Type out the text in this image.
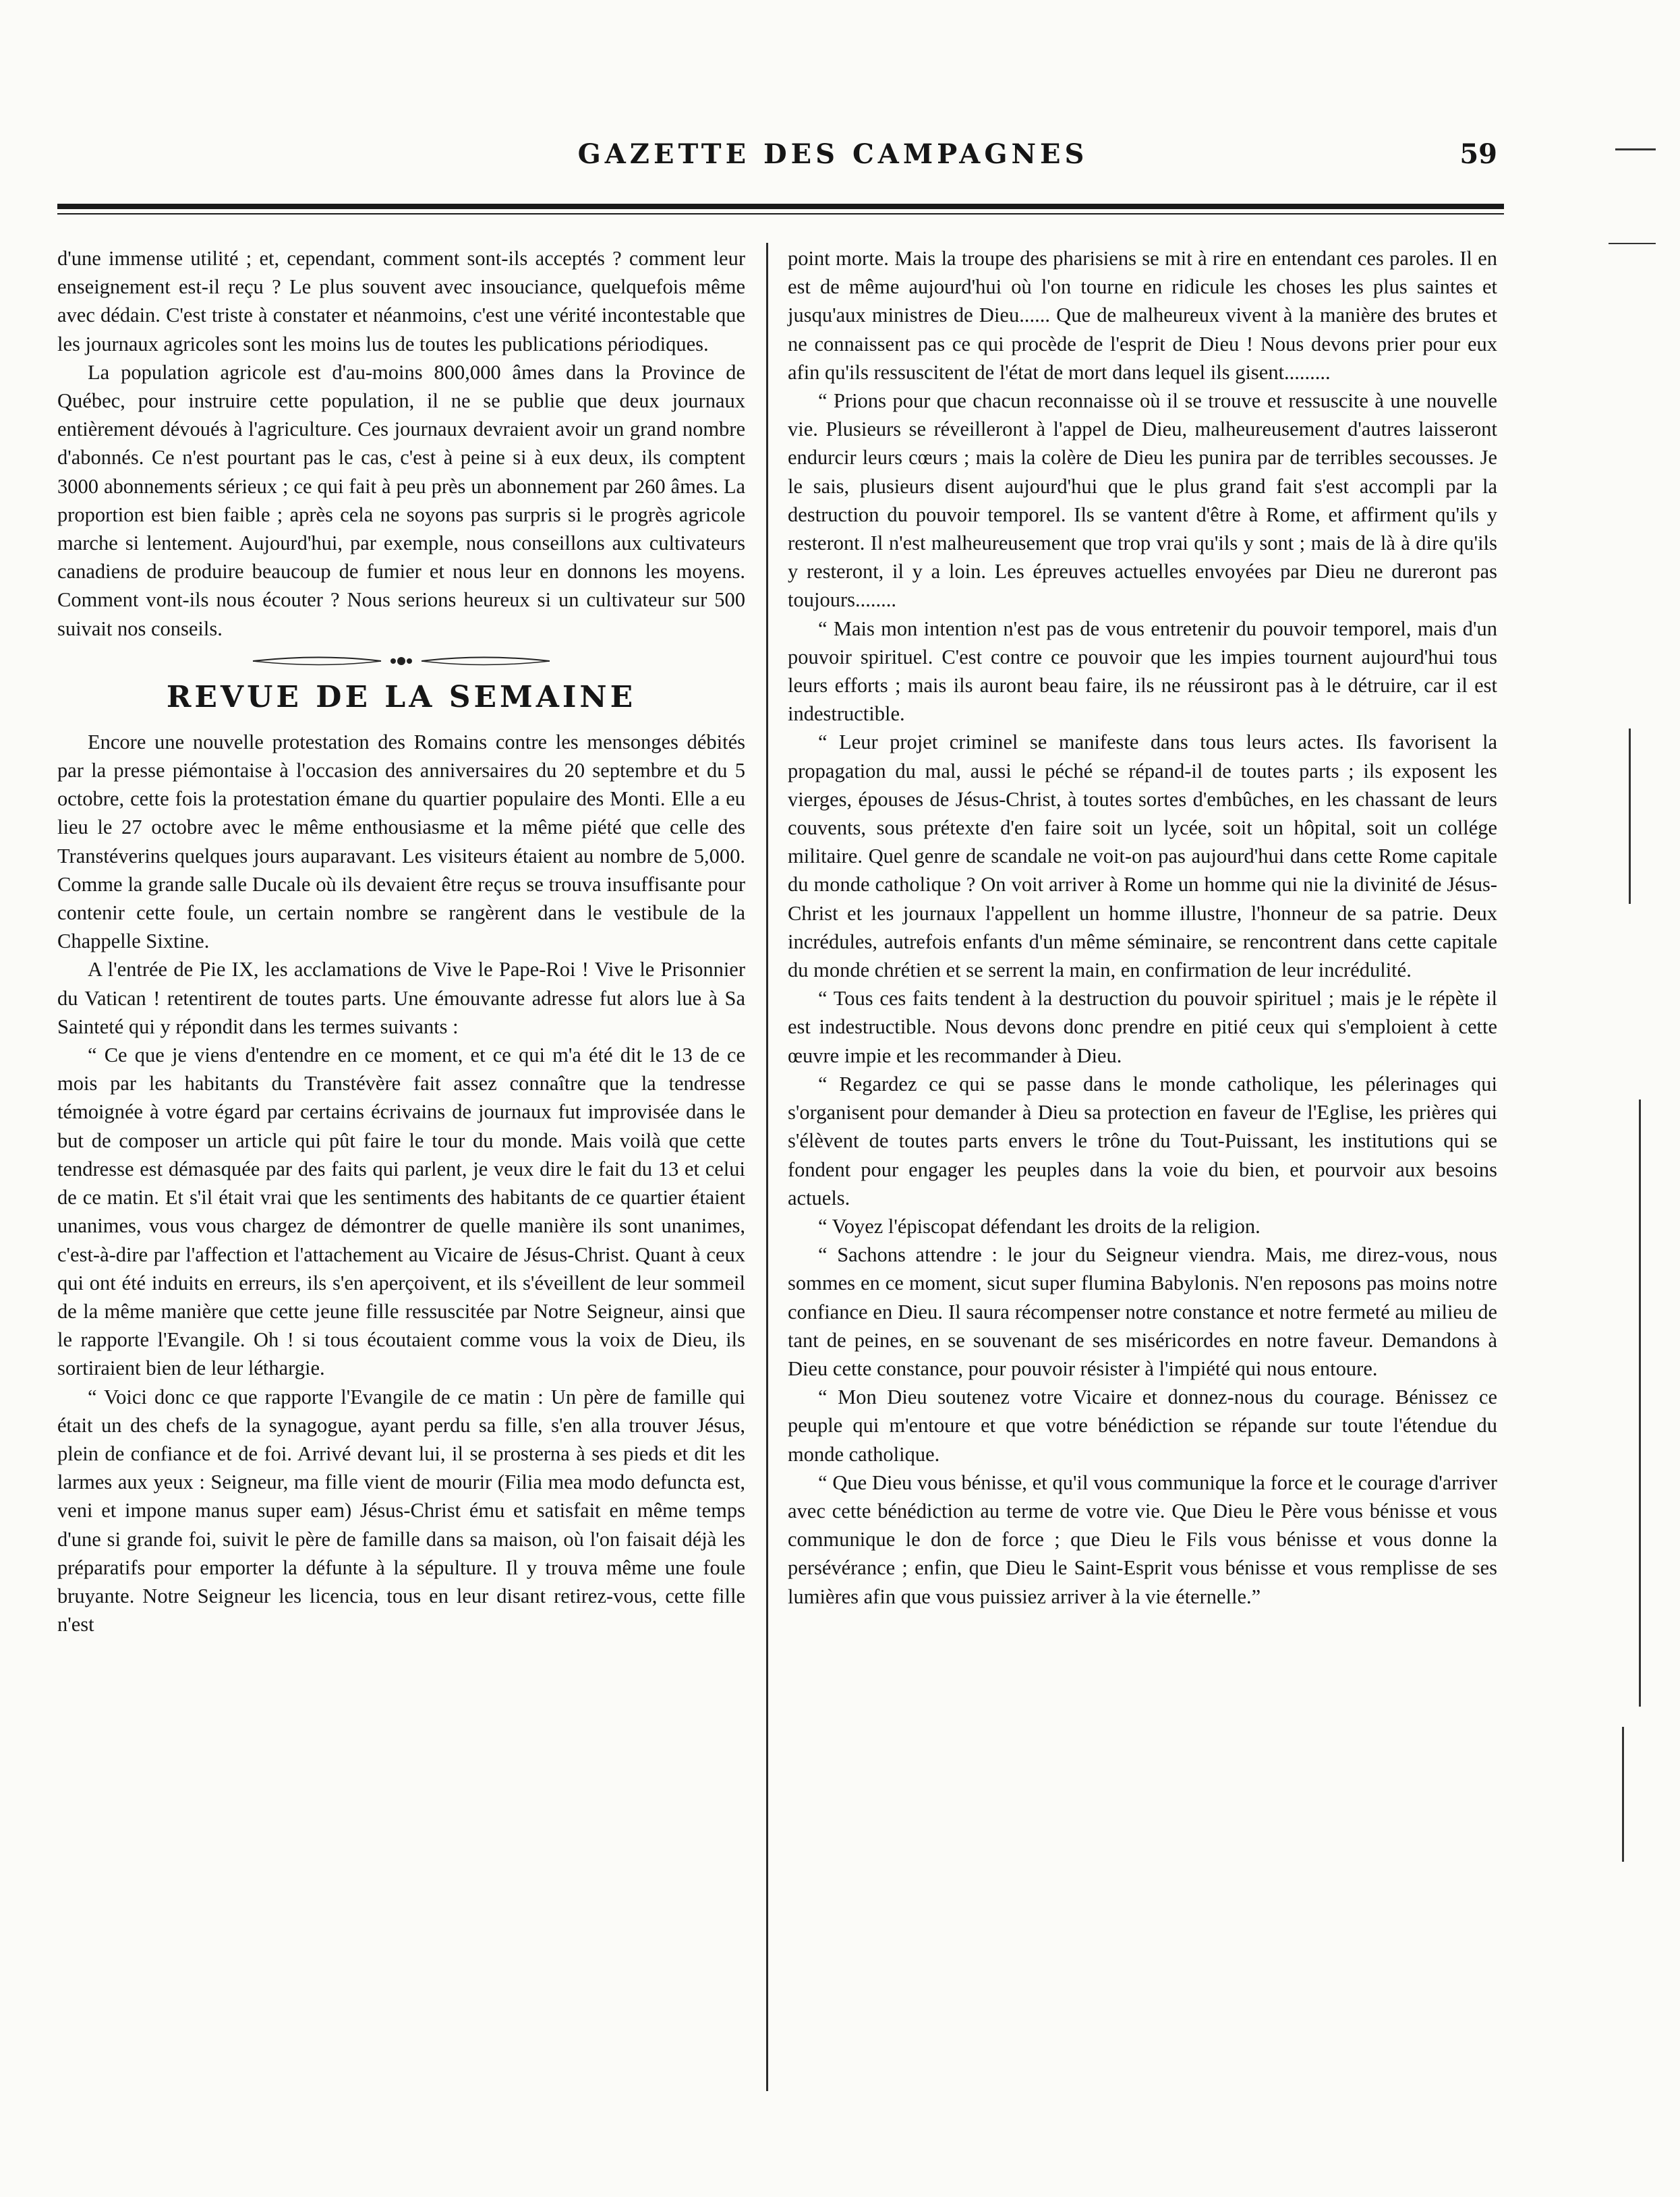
GAZETTE DES CAMPAGNES	59

d'une immense utilité ; et, cependant, comment sont-ils acceptés ? comment leur enseignement est-il reçu ? Le plus souvent avec insouciance, quelquefois même avec dédain. C'est triste à constater et néanmoins, c'est une vérité incontestable que les journaux agricoles sont les moins lus de toutes les publications périodiques.

La population agricole est d'au-moins 800,000 âmes dans la Province de Québec, pour instruire cette population, il ne se publie que deux journaux entièrement dévoués à l'agriculture. Ces journaux devraient avoir un grand nombre d'abonnés. Ce n'est pourtant pas le cas, c'est à peine si à eux deux, ils comptent 3000 abonnements sérieux ; ce qui fait à peu près un abonnement par 260 âmes. La proportion est bien faible ; après cela ne soyons pas surpris si le progrès agricole marche si lentement. Aujourd'hui, par exemple, nous conseillons aux cultivateurs canadiens de produire beaucoup de fumier et nous leur en donnons les moyens. Comment vont-ils nous écouter ? Nous serions heureux si un cultivateur sur 500 suivait nos conseils.

REVUE DE LA SEMAINE

Encore une nouvelle protestation des Romains contre les mensonges débités par la presse piémontaise à l'occasion des anniversaires du 20 septembre et du 5 octobre, cette fois la protestation émane du quartier populaire des Monti. Elle a eu lieu le 27 octobre avec le même enthousiasme et la même piété que celle des Transtéverins quelques jours auparavant. Les visiteurs étaient au nombre de 5,000. Comme la grande salle Ducale où ils devaient être reçus se trouva insuffisante pour contenir cette foule, un certain nombre se rangèrent dans le vestibule de la Chappelle Sixtine.

A l'entrée de Pie IX, les acclamations de Vive le Pape-Roi ! Vive le Prisonnier du Vatican ! retentirent de toutes parts. Une émouvante adresse fut alors lue à Sa Sainteté qui y répondit dans les termes suivants :

“ Ce que je viens d'entendre en ce moment, et ce qui m'a été dit le 13 de ce mois par les habitants du Transtévère fait assez connaître que la tendresse témoignée à votre égard par certains écrivains de journaux fut improvisée dans le but de composer un article qui pût faire le tour du monde. Mais voilà que cette tendresse est démasquée par des faits qui parlent, je veux dire le fait du 13 et celui de ce matin. Et s'il était vrai que les sentiments des habitants de ce quartier étaient unanimes, vous vous chargez de démontrer de quelle manière ils sont unanimes, c'est-à-dire par l'affection et l'attachement au Vicaire de Jésus-Christ. Quant à ceux qui ont été induits en erreurs, ils s'en aperçoivent, et ils s'éveillent de leur sommeil de la même manière que cette jeune fille ressuscitée par Notre Seigneur, ainsi que le rapporte l'Evangile. Oh ! si tous écoutaient comme vous la voix de Dieu, ils sortiraient bien de leur léthargie.

“ Voici donc ce que rapporte l'Evangile de ce matin : Un père de famille qui était un des chefs de la synagogue, ayant perdu sa fille, s'en alla trouver Jésus, plein de confiance et de foi. Arrivé devant lui, il se prosterna à ses pieds et dit les larmes aux yeux : Seigneur, ma fille vient de mourir (Filia mea modo defuncta est, veni et impone manus super eam) Jésus-Christ ému et satisfait en même temps d'une si grande foi, suivit le père de famille dans sa maison, où l'on faisait déjà les préparatifs pour emporter la défunte à la sépulture. Il y trouva même une foule bruyante. Notre Seigneur les licencia, tous en leur disant retirez-vous, cette fille n'est

point morte. Mais la troupe des pharisiens se mit à rire en entendant ces paroles. Il en est de même aujourd'hui où l'on tourne en ridicule les choses les plus saintes et jusqu'aux ministres de Dieu...... Que de malheureux vivent à la manière des brutes et ne connaissent pas ce qui procède de l'esprit de Dieu ! Nous devons prier pour eux afin qu'ils ressuscitent de l'état de mort dans lequel ils gisent.........

“ Prions pour que chacun reconnaisse où il se trouve et ressuscite à une nouvelle vie. Plusieurs se réveilleront à l'appel de Dieu, malheureusement d'autres laisseront endurcir leurs cœurs ; mais la colère de Dieu les punira par de terribles secousses. Je le sais, plusieurs disent aujourd'hui que le plus grand fait s'est accompli par la destruction du pouvoir temporel. Ils se vantent d'être à Rome, et affirment qu'ils y resteront. Il n'est malheureusement que trop vrai qu'ils y sont ; mais de là à dire qu'ils y resteront, il y a loin. Les épreuves actuelles envoyées par Dieu ne dureront pas toujours........

“ Mais mon intention n'est pas de vous entretenir du pouvoir temporel, mais d'un pouvoir spirituel. C'est contre ce pouvoir que les impies tournent aujourd'hui tous leurs efforts ; mais ils auront beau faire, ils ne réussiront pas à le détruire, car il est indestructible.

“ Leur projet criminel se manifeste dans tous leurs actes. Ils favorisent la propagation du mal, aussi le péché se répand-il de toutes parts ; ils exposent les vierges, épouses de Jésus-Christ, à toutes sortes d'embûches, en les chassant de leurs couvents, sous prétexte d'en faire soit un lycée, soit un hôpital, soit un collége militaire. Quel genre de scandale ne voit-on pas aujourd'hui dans cette Rome capitale du monde catholique ? On voit arriver à Rome un homme qui nie la divinité de Jésus-Christ et les journaux l'appellent un homme illustre, l'honneur de sa patrie. Deux incrédules, autrefois enfants d'un même séminaire, se rencontrent dans cette capitale du monde chrétien et se serrent la main, en confirmation de leur incrédulité.

“ Tous ces faits tendent à la destruction du pouvoir spirituel ; mais je le répète il est indestructible. Nous devons donc prendre en pitié ceux qui s'emploient à cette œuvre impie et les recommander à Dieu.

“ Regardez ce qui se passe dans le monde catholique, les pélerinages qui s'organisent pour demander à Dieu sa protection en faveur de l'Eglise, les prières qui s'élèvent de toutes parts envers le trône du Tout-Puissant, les institutions qui se fondent pour engager les peuples dans la voie du bien, et pourvoir aux besoins actuels.

“ Voyez l'épiscopat défendant les droits de la religion.

“ Sachons attendre : le jour du Seigneur viendra. Mais, me direz-vous, nous sommes en ce moment, sicut super flumina Babylonis. N'en reposons pas moins notre confiance en Dieu. Il saura récompenser notre constance et notre fermeté au milieu de tant de peines, en se souvenant de ses miséricordes en notre faveur. Demandons à Dieu cette constance, pour pouvoir résister à l'impiété qui nous entoure.

“ Mon Dieu soutenez votre Vicaire et donnez-nous du courage. Bénissez ce peuple qui m'entoure et que votre bénédiction se répande sur toute l'étendue du monde catholique.

“ Que Dieu vous bénisse, et qu'il vous communique la force et le courage d'arriver avec cette bénédiction au terme de votre vie. Que Dieu le Père vous bénisse et vous communique le don de force ; que Dieu le Fils vous bénisse et vous donne la persévérance ; enfin, que Dieu le Saint-Esprit vous bénisse et vous remplisse de ses lumières afin que vous puissiez arriver à la vie éternelle.”
